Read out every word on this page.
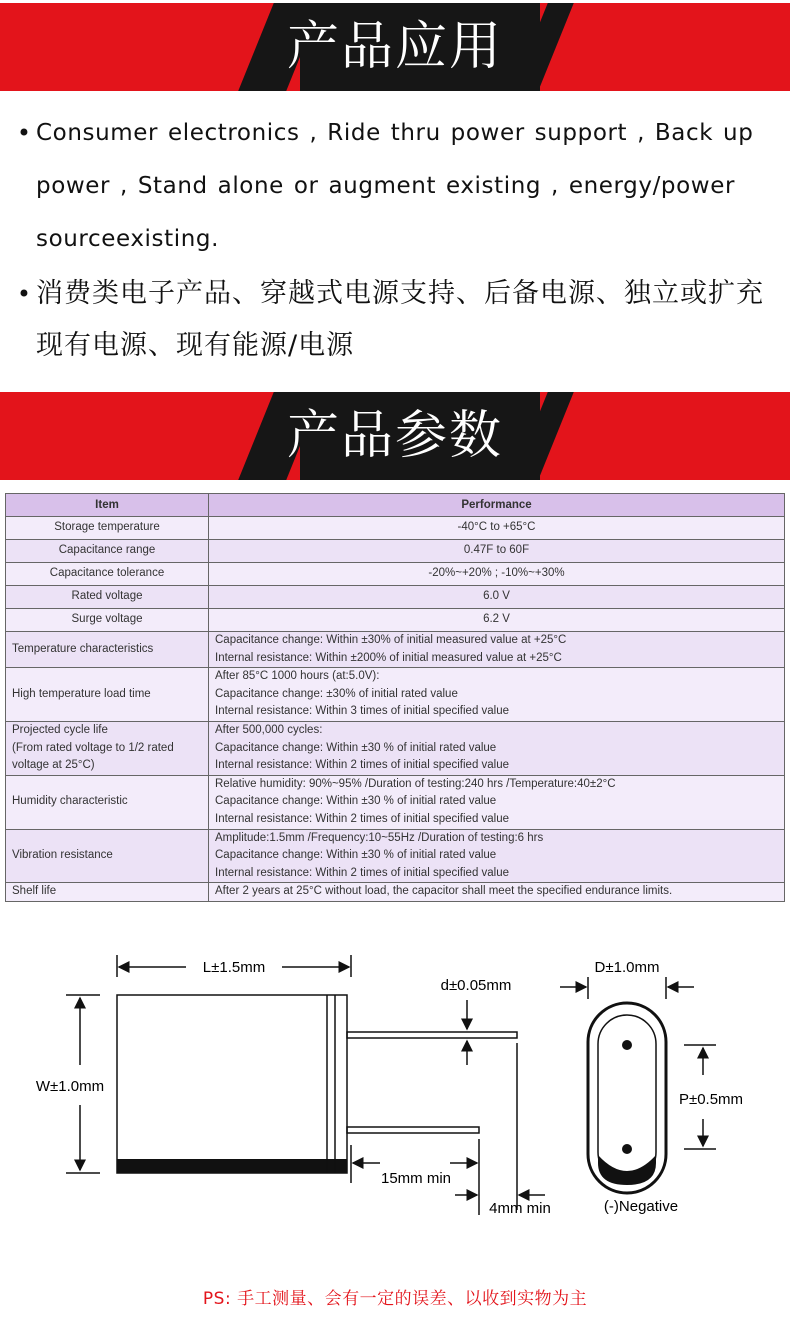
产品应用
• Consumer electronics , Ride thru power support , Back up power , Stand alone or augment existing , energy/power sourceexisting.
• 消费类电子产品、穿越式电源支持、后备电源、独立或扩充现有电源、现有能源/电源
产品参数
Item	Performance

Storage temperature	-40°C to +65°C

Capacitance range	0.47F to 60F

Capacitance tolerance	-20%~+20% ; -10%~+30%

Rated voltage	6.0 V

Surge voltage	6.2 V

Temperature characteristics	Capacitance change: Within ±30% of initial measured value at +25°C
Internal resistance: Within ±200% of initial measured value at +25°C

High temperature load time	After 85°C 1000 hours (at:5.0V):
Capacitance change: ±30% of initial rated value
Internal resistance: Within 3 times of initial specified value

Projected cycle life
(From rated voltage to 1/2 rated
voltage at 25°C)	After 500,000 cycles:
Capacitance change: Within ±30 % of initial rated value
Internal resistance: Within 2 times of initial specified value

Humidity characteristic	Relative humidity: 90%~95% /Duration of testing:240 hrs /Temperature:40±2°C
Capacitance change: Within ±30 % of initial rated value
Internal resistance: Within 2 times of initial specified value

Vibration resistance	Amplitude:1.5mm /Frequency:10~55Hz /Duration of testing:6 hrs
Capacitance change: Within ±30 % of initial rated value
Internal resistance: Within 2 times of initial specified value

Shelf life	After 2 years at 25°C without load, the capacitor shall meet the specified endurance limits.
L±1.5mm
W±1.0mm
d±0.05mm
15mm min
4mm min
D±1.0mm
P±0.5mm
(-)Negative
PS: 手工测量、会有一定的误差、以收到实物为主
